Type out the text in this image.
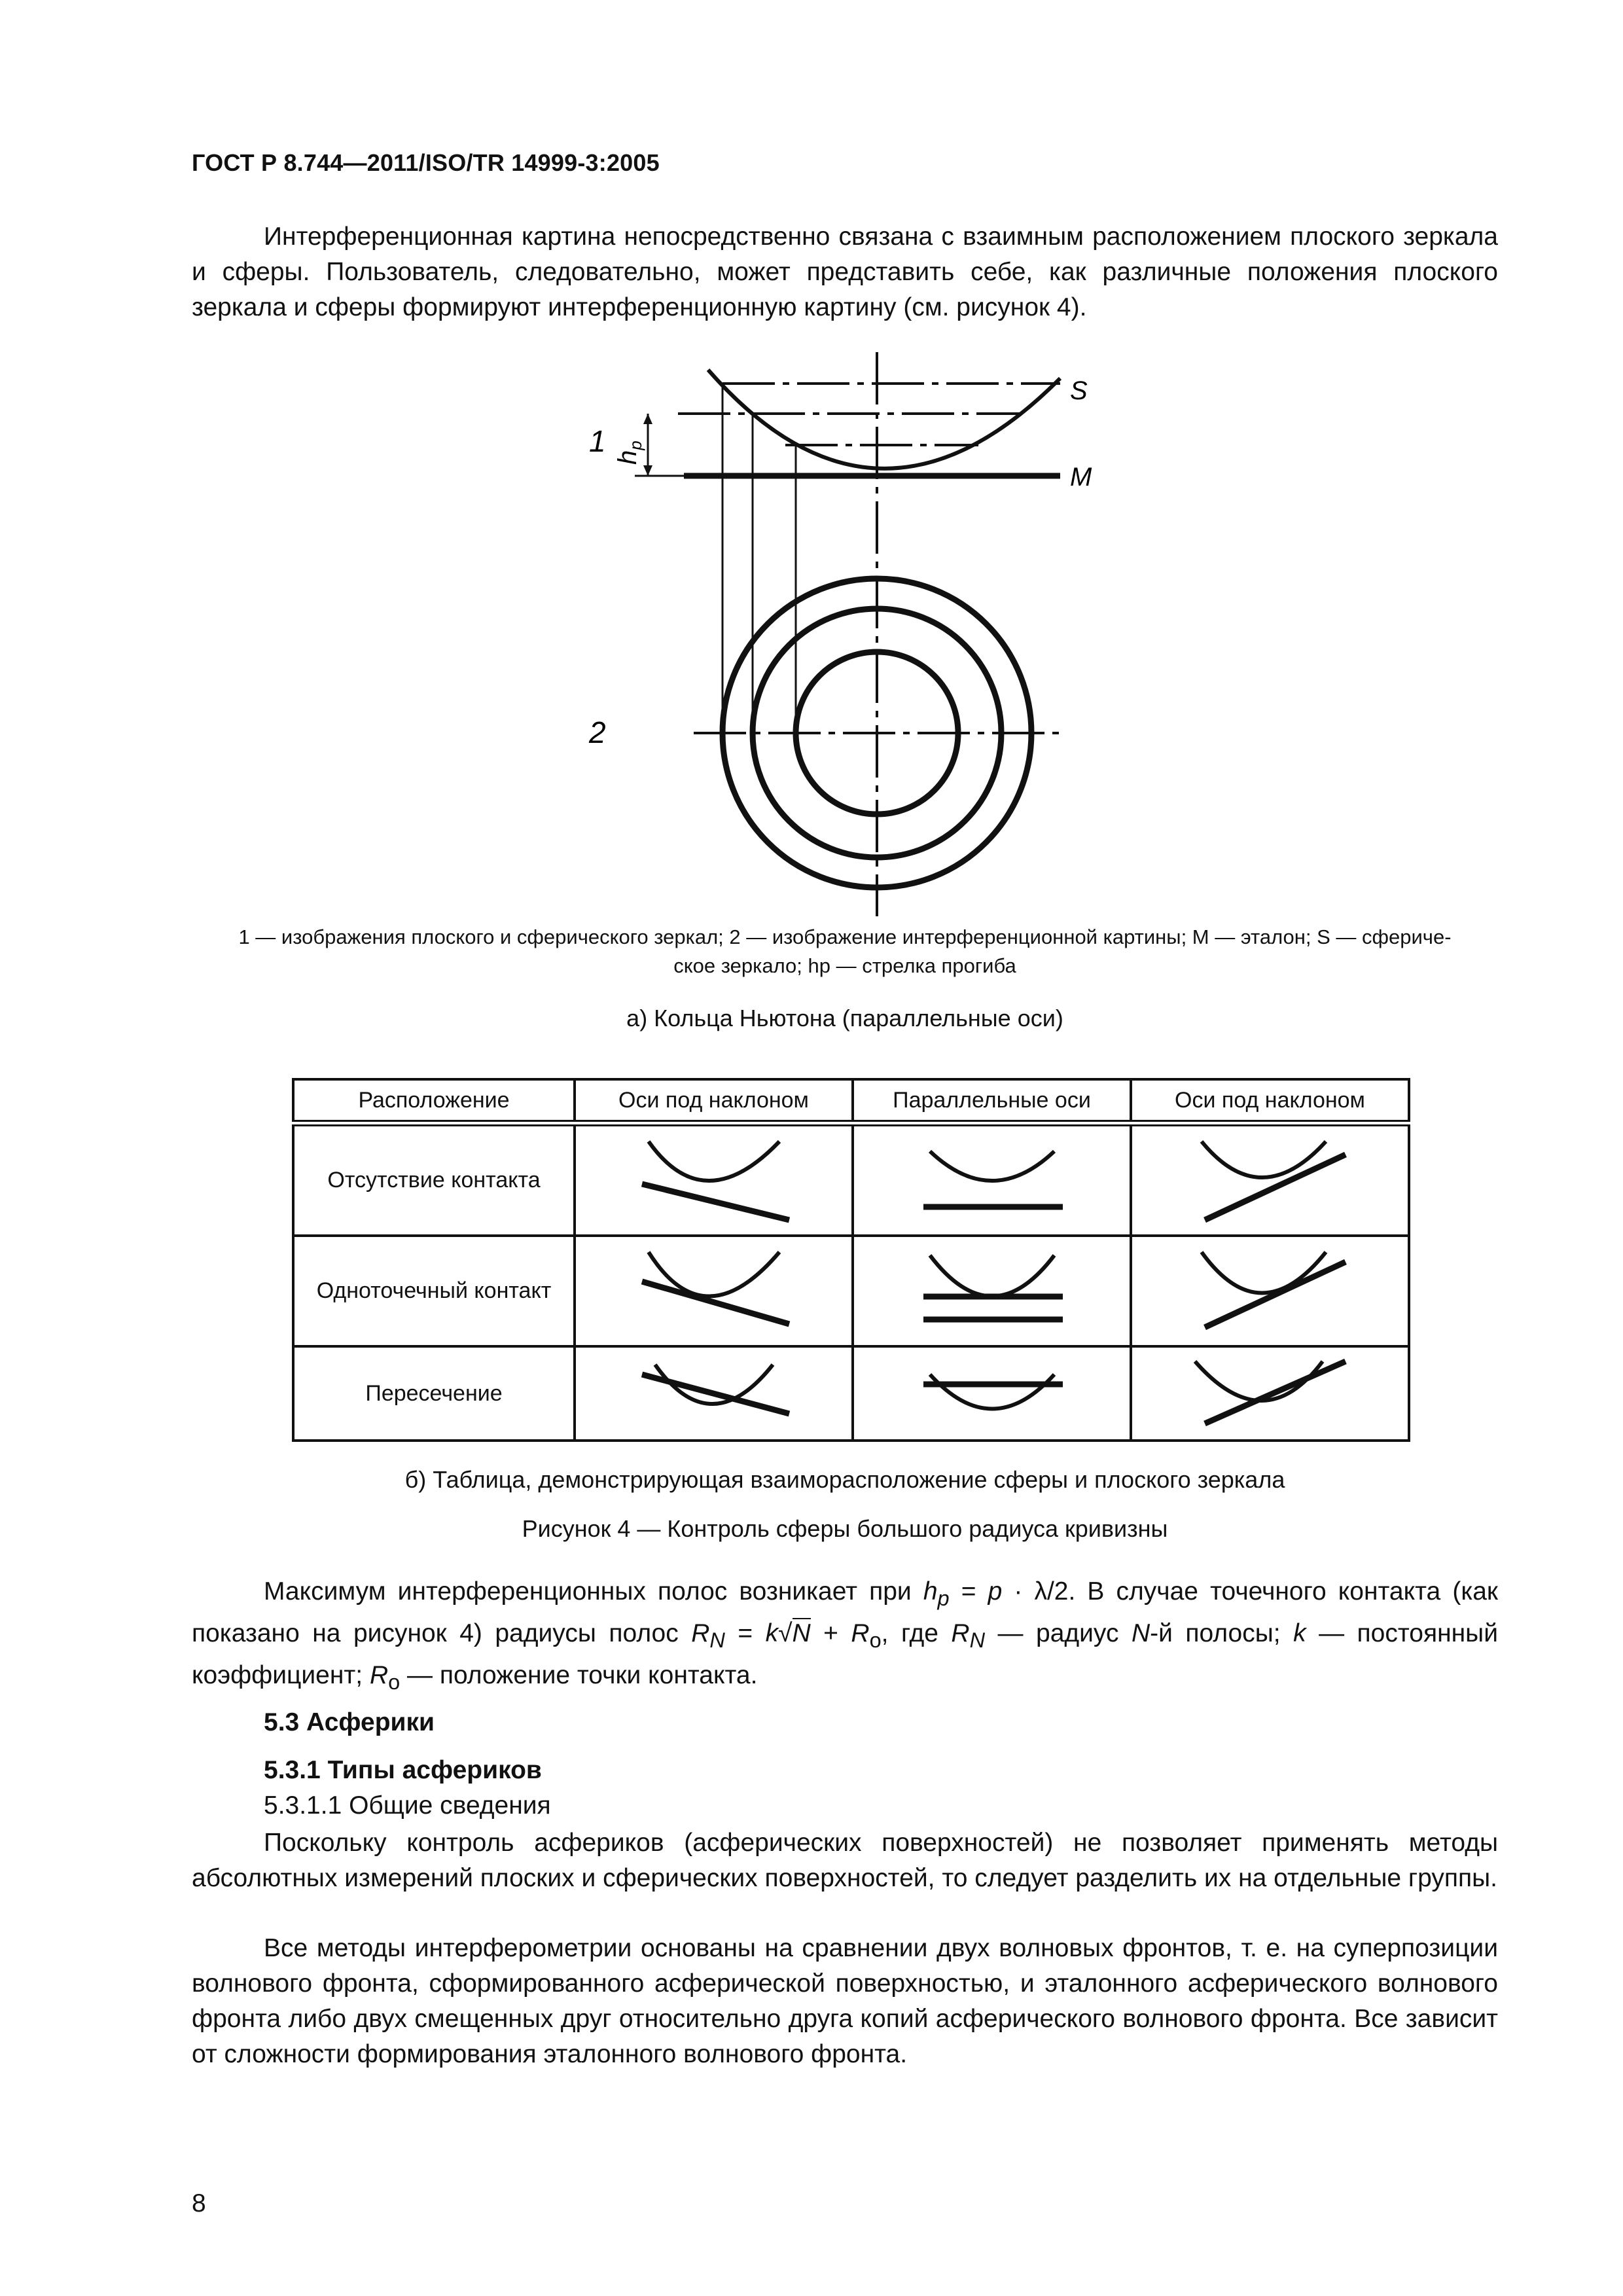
ГОСТ Р 8.744—2011/ISO/TR 14999-3:2005
Интерференционная картина непосредственно связана с взаимным расположением плоского зеркала и сферы. Пользователь, следовательно, может представить себе, как различные положения плоского зеркала и сферы формируют интерференционную картину (см. рисунок 4).
1
2
S
M
$h_p$
1 — изображения плоского и сферического зеркал; 2 — изображение интерференционной картины; M — эталон; S — сфериче-
ское зеркало; hp — стрелка прогиба
а) Кольца Ньютона (параллельные оси)
Расположение	Оси под наклоном	Параллельные оси	Оси под наклоном
Отсутствие контакта			
Одноточечный контакт			
Пересечение			
б) Таблица, демонстрирующая взаиморасположение сферы и плоского зеркала
Рисунок 4 — Контроль сферы большого радиуса кривизны
Максимум интерференционных полос возникает при $h_p = p \cdot \lambda/2$. В случае точечного контакта (как показано на рисунок 4) радиусы полос $R_N = k√N + R_o$, где $R_N$ — радиус N-й полосы; k — постоянный коэффициент; $R_o$ — положение точки контакта.
5.3 Асферики
5.3.1 Типы асфериков
5.3.1.1 Общие сведения
Поскольку контроль асфериков (асферических поверхностей) не позволяет применять методы абсолютных измерений плоских и сферических поверхностей, то следует разделить их на отдельные группы.
Все методы интерферометрии основаны на сравнении двух волновых фронтов, т. е. на суперпозиции волнового фронта, сформированного асферической поверхностью, и эталонного асферического волнового фронта либо двух смещенных друг относительно друга копий асферического волнового фронта. Все зависит от сложности формирования эталонного волнового фронта.
8
